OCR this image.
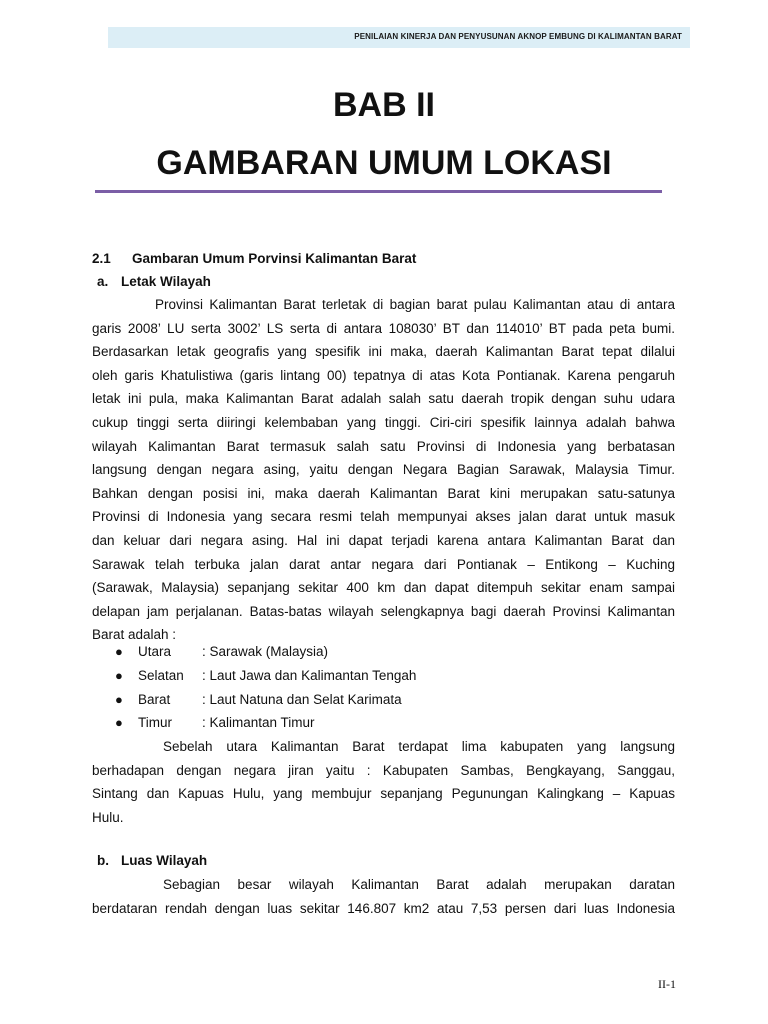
PENILAIAN KINERJA DAN PENYUSUNAN AKNOP EMBUNG DI KALIMANTAN BARAT
BAB II
GAMBARAN UMUM LOKASI
2.1 Gambaran Umum Porvinsi Kalimantan Barat
a. Letak Wilayah
Provinsi Kalimantan Barat terletak di bagian barat pulau Kalimantan atau di antara
garis 2008’ LU serta 3002’ LS serta di antara 108030’ BT dan 114010’ BT pada peta bumi.
Berdasarkan letak geografis yang spesifik ini maka, daerah Kalimantan Barat tepat dilalui
oleh garis Khatulistiwa (garis lintang 00) tepatnya di atas Kota Pontianak. Karena pengaruh
letak ini pula, maka Kalimantan Barat adalah salah satu daerah tropik dengan suhu udara
cukup tinggi serta diiringi kelembaban yang tinggi. Ciri-ciri spesifik lainnya adalah bahwa
wilayah Kalimantan Barat termasuk salah satu Provinsi di Indonesia yang berbatasan
langsung dengan negara asing, yaitu dengan Negara Bagian Sarawak, Malaysia Timur.
Bahkan dengan posisi ini, maka daerah Kalimantan Barat kini merupakan satu-satunya
Provinsi di Indonesia yang secara resmi telah mempunyai akses jalan darat untuk masuk
dan keluar dari negara asing. Hal ini dapat terjadi karena antara Kalimantan Barat dan
Sarawak telah terbuka jalan darat antar negara dari Pontianak – Entikong – Kuching
(Sarawak, Malaysia) sepanjang sekitar 400 km dan dapat ditempuh sekitar enam sampai
delapan jam perjalanan. Batas-batas wilayah selengkapnya bagi daerah Provinsi Kalimantan
Barat adalah :
● Utara : Sarawak (Malaysia)
● Selatan : Laut Jawa dan Kalimantan Tengah
● Barat : Laut Natuna dan Selat Karimata
● Timur : Kalimantan Timur
Sebelah utara Kalimantan Barat terdapat lima kabupaten yang langsung
berhadapan dengan negara jiran yaitu : Kabupaten Sambas, Bengkayang, Sanggau,
Sintang dan Kapuas Hulu, yang membujur sepanjang Pegunungan Kalingkang – Kapuas
Hulu.
b. Luas Wilayah
Sebagian besar wilayah Kalimantan Barat adalah merupakan daratan
berdataran rendah dengan luas sekitar 146.807 km2 atau 7,53 persen dari luas Indonesia
II-1
